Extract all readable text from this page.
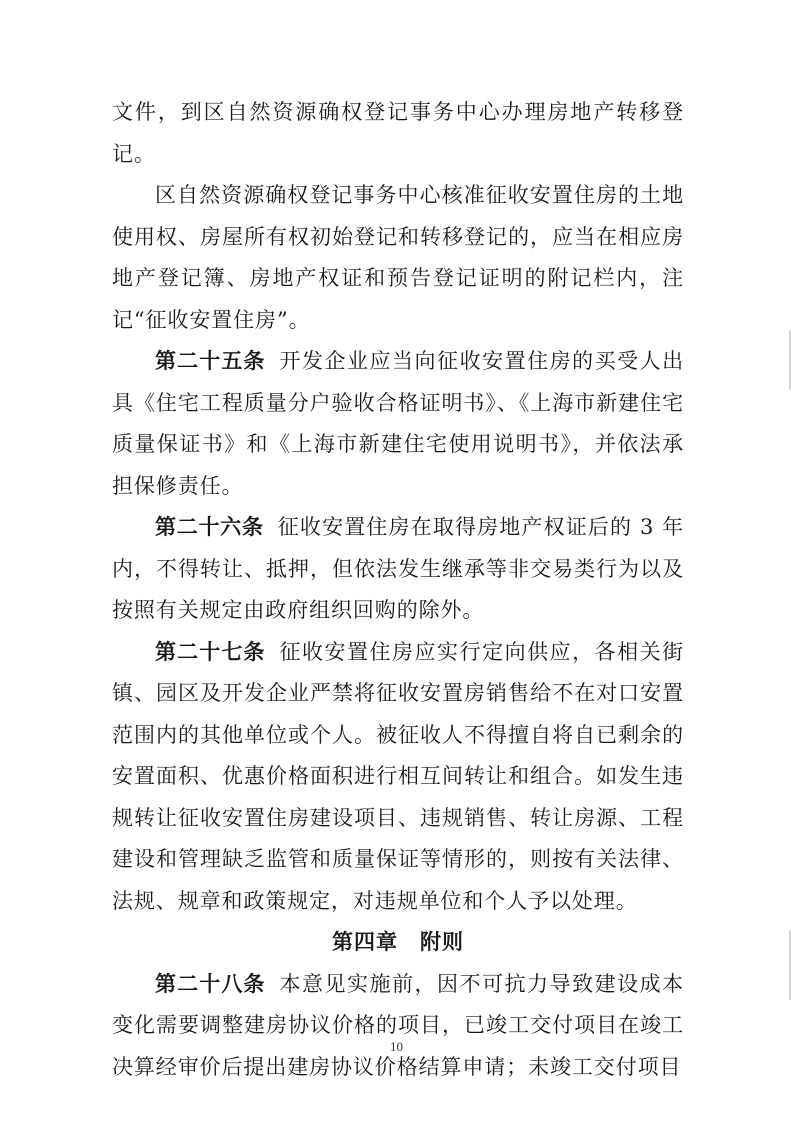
文件，到区自然资源确权登记事务中心办理房地产转移登记。

区自然资源确权登记事务中心核准征收安置住房的土地使用权、房屋所有权初始登记和转移登记的，应当在相应房地产登记簿、房地产权证和预告登记证明的附记栏内，注记“征收安置住房”。

第二十五条 开发企业应当向征收安置住房的买受人出具《住宅工程质量分户验收合格证明书》、《上海市新建住宅质量保证书》和《上海市新建住宅使用说明书》，并依法承担保修责任。

第二十六条 征收安置住房在取得房地产权证后的 3 年内，不得转让、抵押，但依法发生继承等非交易类行为以及按照有关规定由政府组织回购的除外。

第二十七条 征收安置住房应实行定向供应，各相关街镇、园区及开发企业严禁将征收安置房销售给不在对口安置范围内的其他单位或个人。被征收人不得擅自将自已剩余的安置面积、优惠价格面积进行相互间转让和组合。如发生违规转让征收安置住房建设项目、违规销售、转让房源、工程建设和管理缺乏监管和质量保证等情形的，则按有关法律、法规、规章和政策规定，对违规单位和个人予以处理。

第四章　附则

第二十八条 本意见实施前，因不可抗力导致建设成本变化需要调整建房协议价格的项目，已竣工交付项目在竣工决算经审价后提出建房协议价格结算申请；未竣工交付项目

10
